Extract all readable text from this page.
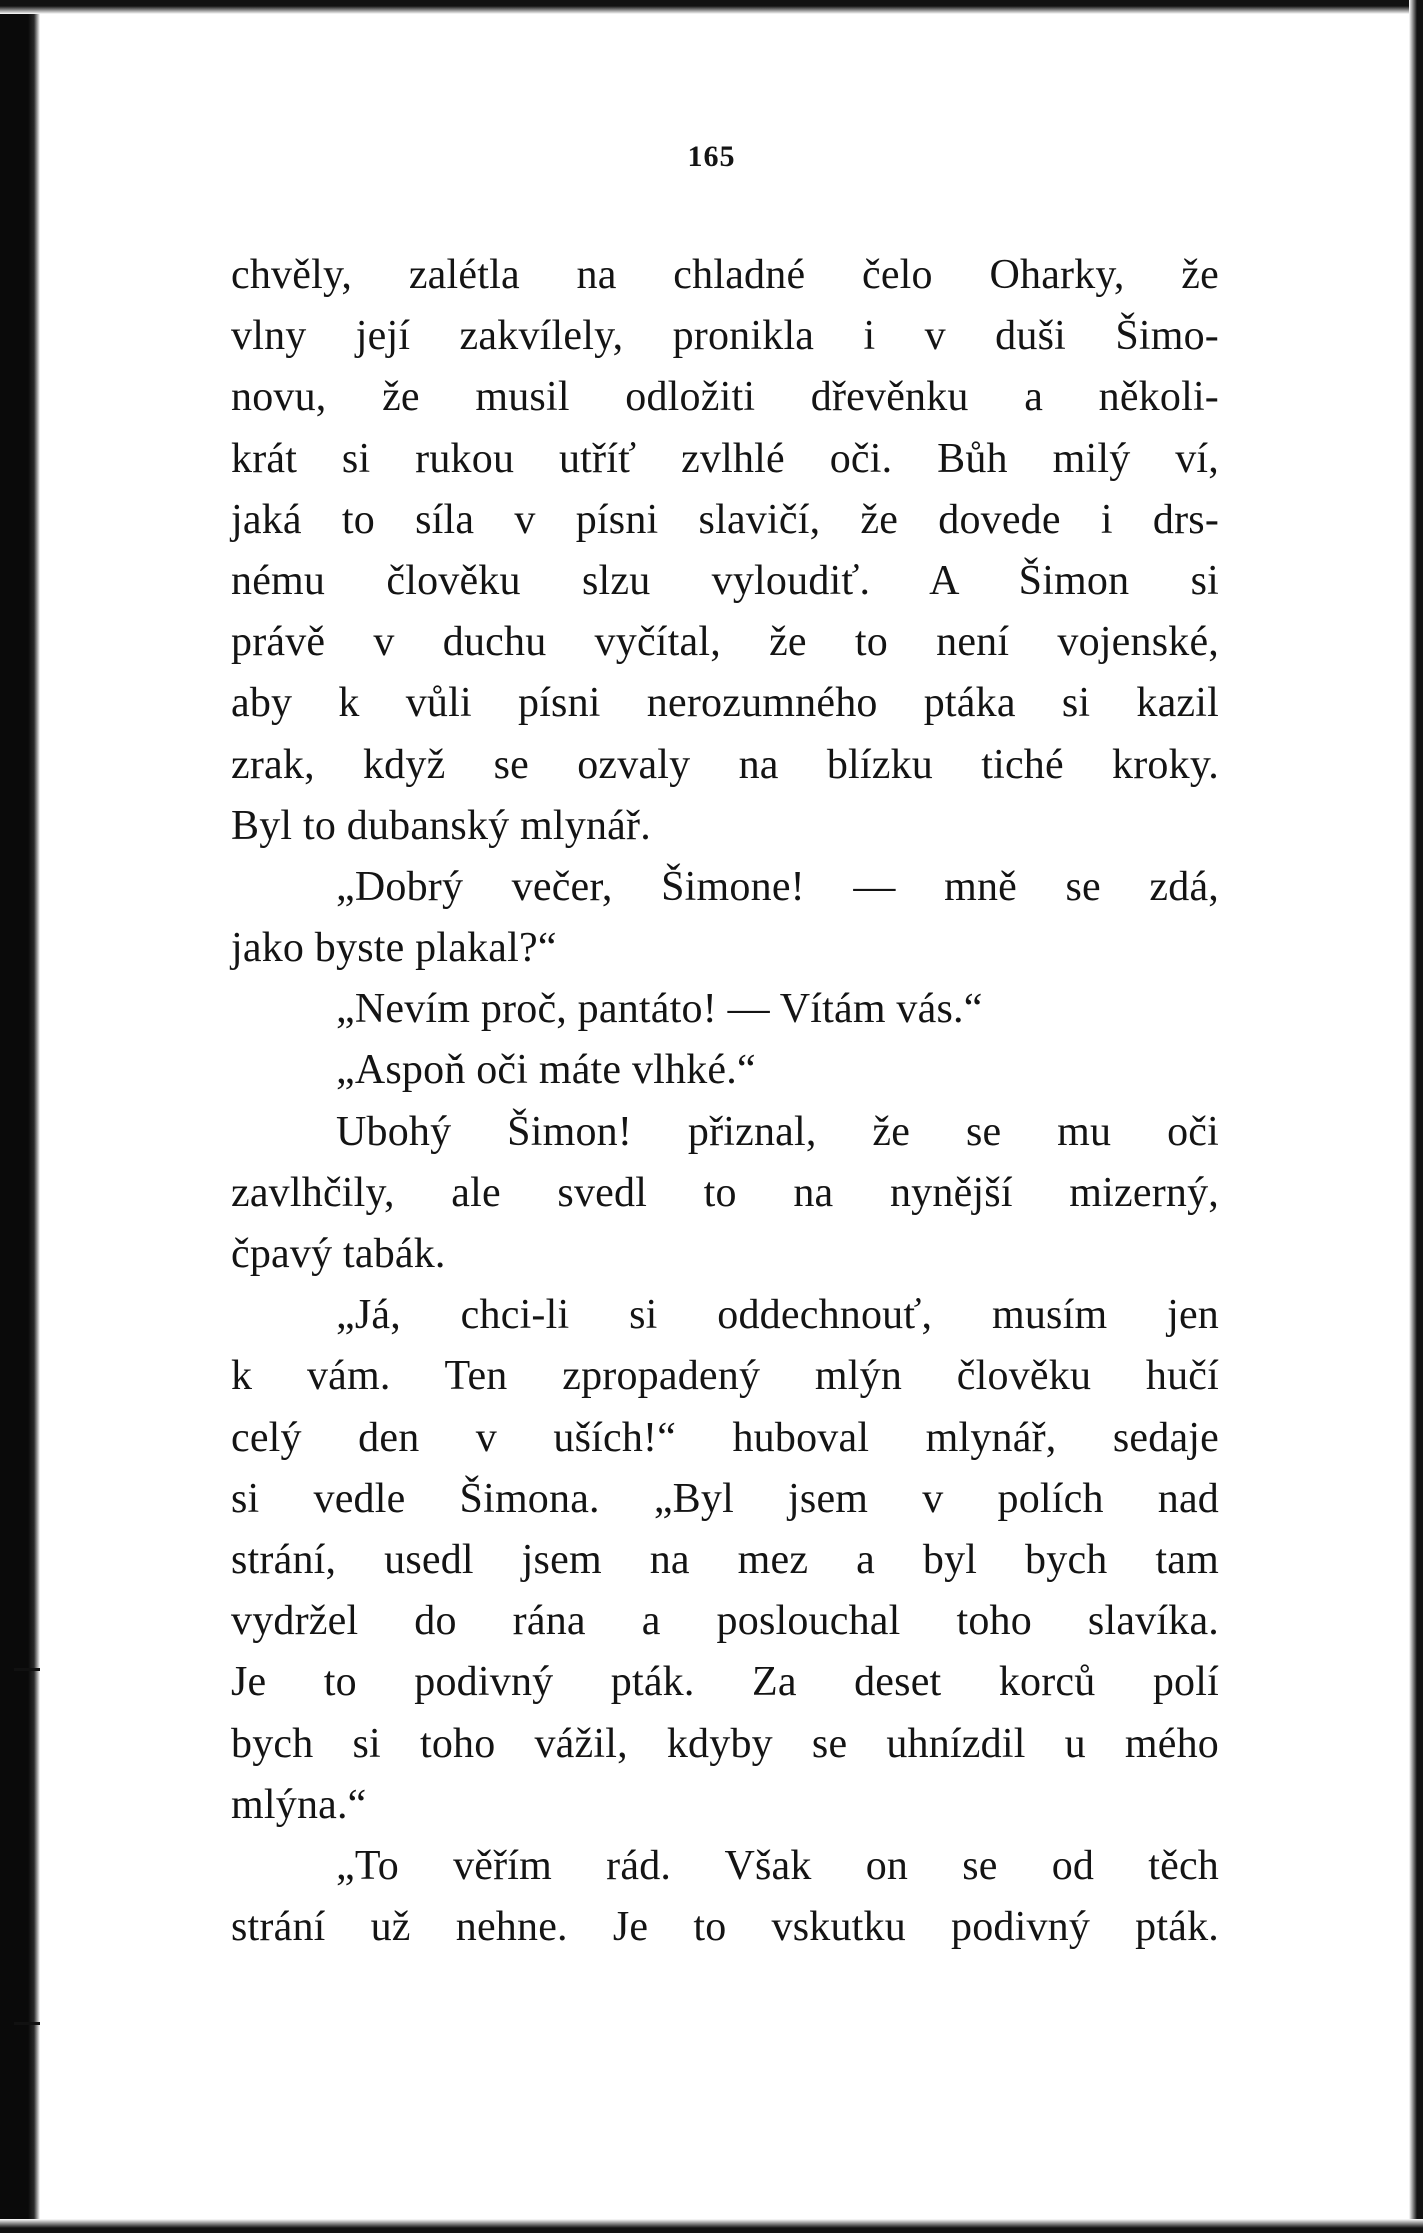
165
chvěly, zalétla na chladné čelo Oharky, že
vlny její zakvílely, pronikla i v duši Šimo-
novu, že musil odložiti dřevěnku a několi-
krát si rukou utříť zvlhlé oči. Bůh milý ví,
jaká to síla v písni slavičí, že dovede i drs-
nému člověku slzu vyloudiť. A Šimon si
právě v duchu vyčítal, že to není vojenské,
aby k vůli písni nerozumného ptáka si kazil
zrak, když se ozvaly na blízku tiché kroky.
Byl to dubanský mlynář.
„Dobrý večer, Šimone! — mně se zdá,
jako byste plakal?“
„Nevím proč, pantáto! — Vítám vás.“
„Aspoň oči máte vlhké.“
Ubohý Šimon! přiznal, že se mu oči
zavlhčily, ale svedl to na nynější mizerný,
čpavý tabák.
„Já, chci-li si oddechnouť, musím jen
k vám. Ten zpropadený mlýn člověku hučí
celý den v uších!“ huboval mlynář, sedaje
si vedle Šimona. „Byl jsem v polích nad
strání, usedl jsem na mez a byl bych tam
vydržel do rána a poslouchal toho slavíka.
Je to podivný pták. Za deset korců polí
bych si toho vážil, kdyby se uhnízdil u mého
mlýna.“
„To věřím rád. Však on se od těch
strání už nehne. Je to vskutku podivný pták.
